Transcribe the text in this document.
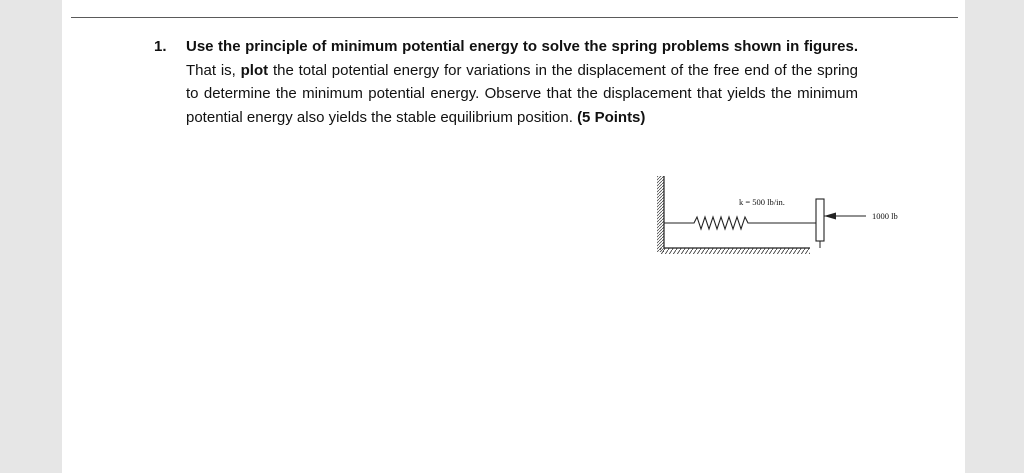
1. Use the principle of minimum potential energy to solve the spring problems shown in figures. That is, plot the total potential energy for variations in the displacement of the free end of the spring to determine the minimum potential energy. Observe that the displacement that yields the minimum potential energy also yields the stable equilibrium position. (5 Points)
k = 500 lb/in.
1000 lb
